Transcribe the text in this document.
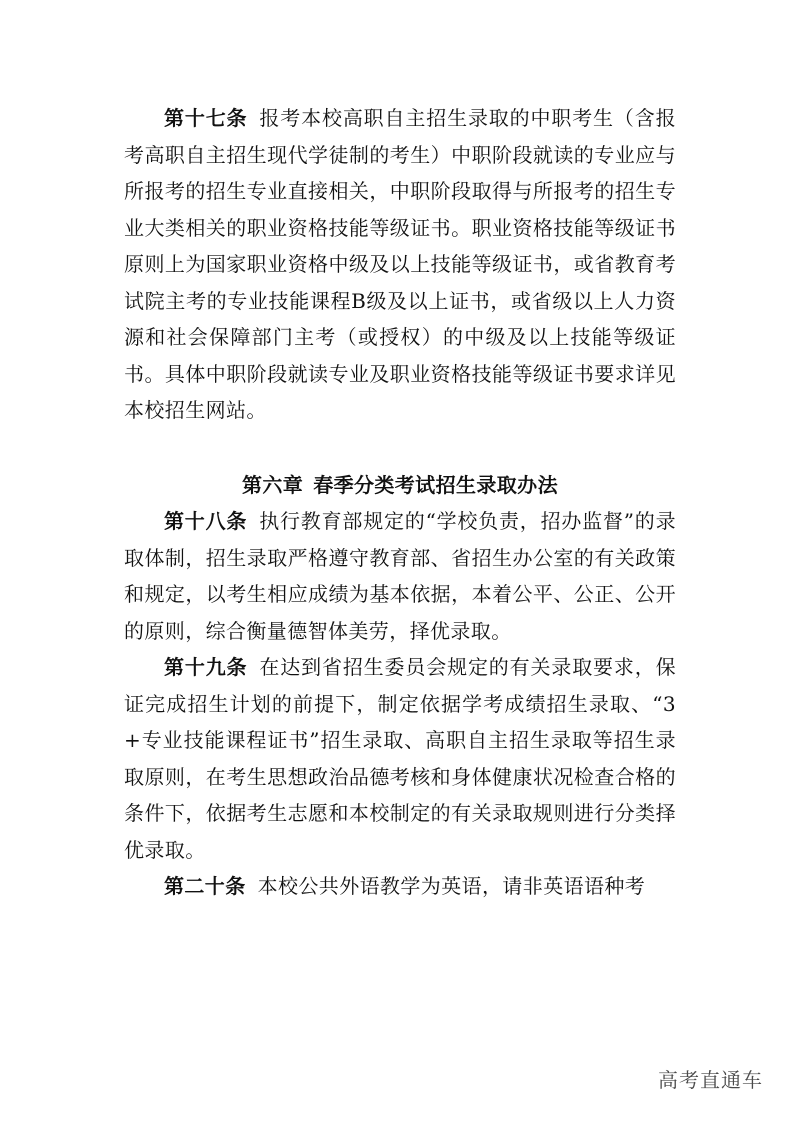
第十七条 报考本校高职自主招生录取的中职考生（含报考高职自主招生现代学徒制的考生）中职阶段就读的专业应与所报考的招生专业直接相关，中职阶段取得与所报考的招生专业大类相关的职业资格技能等级证书。职业资格技能等级证书原则上为国家职业资格中级及以上技能等级证书，或省教育考试院主考的专业技能课程B级及以上证书，或省级以上人力资源和社会保障部门主考（或授权）的中级及以上技能等级证书。具体中职阶段就读专业及职业资格技能等级证书要求详见本校招生网站。

第六章 春季分类考试招生录取办法

第十八条 执行教育部规定的“学校负责，招办监督”的录取体制，招生录取严格遵守教育部、省招生办公室的有关政策和规定，以考生相应成绩为基本依据，本着公平、公正、公开的原则，综合衡量德智体美劳，择优录取。

第十九条 在达到省招生委员会规定的有关录取要求，保证完成招生计划的前提下，制定依据学考成绩招生录取、“3+专业技能课程证书”招生录取、高职自主招生录取等招生录取原则，在考生思想政治品德考核和身体健康状况检查合格的条件下，依据考生志愿和本校制定的有关录取规则进行分类择优录取。

第二十条 本校公共外语教学为英语，请非英语语种考

高考直通车
